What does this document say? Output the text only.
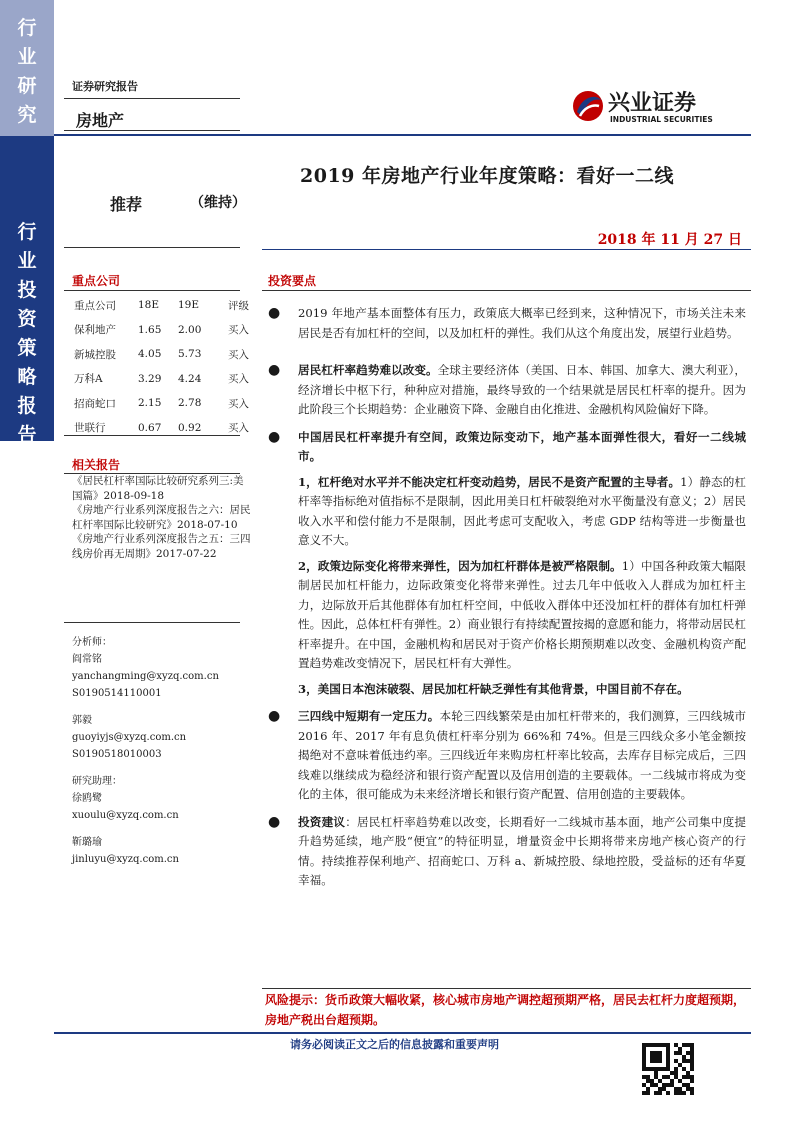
行
业
研
究
行
业
投
资
策
略
报
告
证券研究报告
房地产
兴业证券
INDUSTRIAL SECURITIES
2019 年房地产行业年度策略：看好一二线
推荐	（维持）
2018 年 11 月 27 日
重点公司
重点公司	18E	19E	评级
保利地产	1.65	2.00	买入
新城控股	4.05	5.73	买入
万科A	3.29	4.24	买入
招商蛇口	2.15	2.78	买入
世联行	0.67	0.92	买入
相关报告
《居民杠杆率国际比较研究系列三:美国篇》2018-09-18
《房地产行业系列深度报告之六：居民杠杆率国际比较研究》2018-07-10
《房地产行业系列深度报告之五：三四线房价再无周期》2017-07-22
分析师：
阎常铭
yanchangming@xyzq.com.cn
S0190514110001
郭毅
guoyiyjs@xyzq.com.cn
S0190518010003
研究助理：
徐鸥鹭
xuoulu@xyzq.com.cn
靳璐瑜
jinluyu@xyzq.com.cn
投资要点
● 2019 年地产基本面整体有压力，政策底大概率已经到来，这种情况下，市场关注未来居民是否有加杠杆的空间，以及加杠杆的弹性。我们从这个角度出发，展望行业趋势。

● 居民杠杆率趋势难以改变。全球主要经济体（美国、日本、韩国、加拿大、澳大利亚），经济增长中枢下行，种种应对措施，最终导致的一个结果就是居民杠杆率的提升。因为此阶段三个长期趋势：企业融资下降、金融自由化推进、金融机构风险偏好下降。

● 中国居民杠杆率提升有空间，政策边际变动下，地产基本面弹性很大，看好一二线城市。

1，杠杆绝对水平并不能决定杠杆变动趋势，居民不是资产配置的主导者。1）静态的杠杆率等指标绝对值指标不是限制，因此用美日杠杆破裂绝对水平衡量没有意义；2）居民收入水平和偿付能力不是限制，因此考虑可支配收入，考虑 GDP 结构等进一步衡量也意义不大。

2，政策边际变化将带来弹性，因为加杠杆群体是被严格限制。1）中国各种政策大幅限制居民加杠杆能力，边际政策变化将带来弹性。过去几年中低收入人群成为加杠杆主力，边际放开后其他群体有加杠杆空间，中低收入群体中还没加杠杆的群体有加杠杆弹性。因此，总体杠杆有弹性。2）商业银行有持续配置按揭的意愿和能力，将带动居民杠杆率提升。在中国，金融机构和居民对于资产价格长期预期难以改变、金融机构资产配置趋势难改变情况下，居民杠杆有大弹性。

3，美国日本泡沫破裂、居民加杠杆缺乏弹性有其他背景，中国目前不存在。

● 三四线中短期有一定压力。本轮三四线繁荣是由加杠杆带来的，我们测算，三四线城市 2016 年、2017 年有息负债杠杆率分别为 66%和 74%。但是三四线众多小笔金额按揭绝对不意味着低违约率。三四线近年来购房杠杆率比较高，去库存目标完成后，三四线难以继续成为稳经济和银行资产配置以及信用创造的主要载体。一二线城市将成为变化的主体，很可能成为未来经济增长和银行资产配置、信用创造的主要载体。

● 投资建议：居民杠杆率趋势难以改变，长期看好一二线城市基本面，地产公司集中度提升趋势延续，地产股“便宜”的特征明显，增量资金中长期将带来房地产核心资产的行情。持续推荐保利地产、招商蛇口、万科 a、新城控股、绿地控股，受益标的还有华夏幸福。

风险提示：货币政策大幅收紧，核心城市房地产调控超预期严格，居民去杠杆力度超预期，房地产税出台超预期。
请务必阅读正文之后的信息披露和重要声明
